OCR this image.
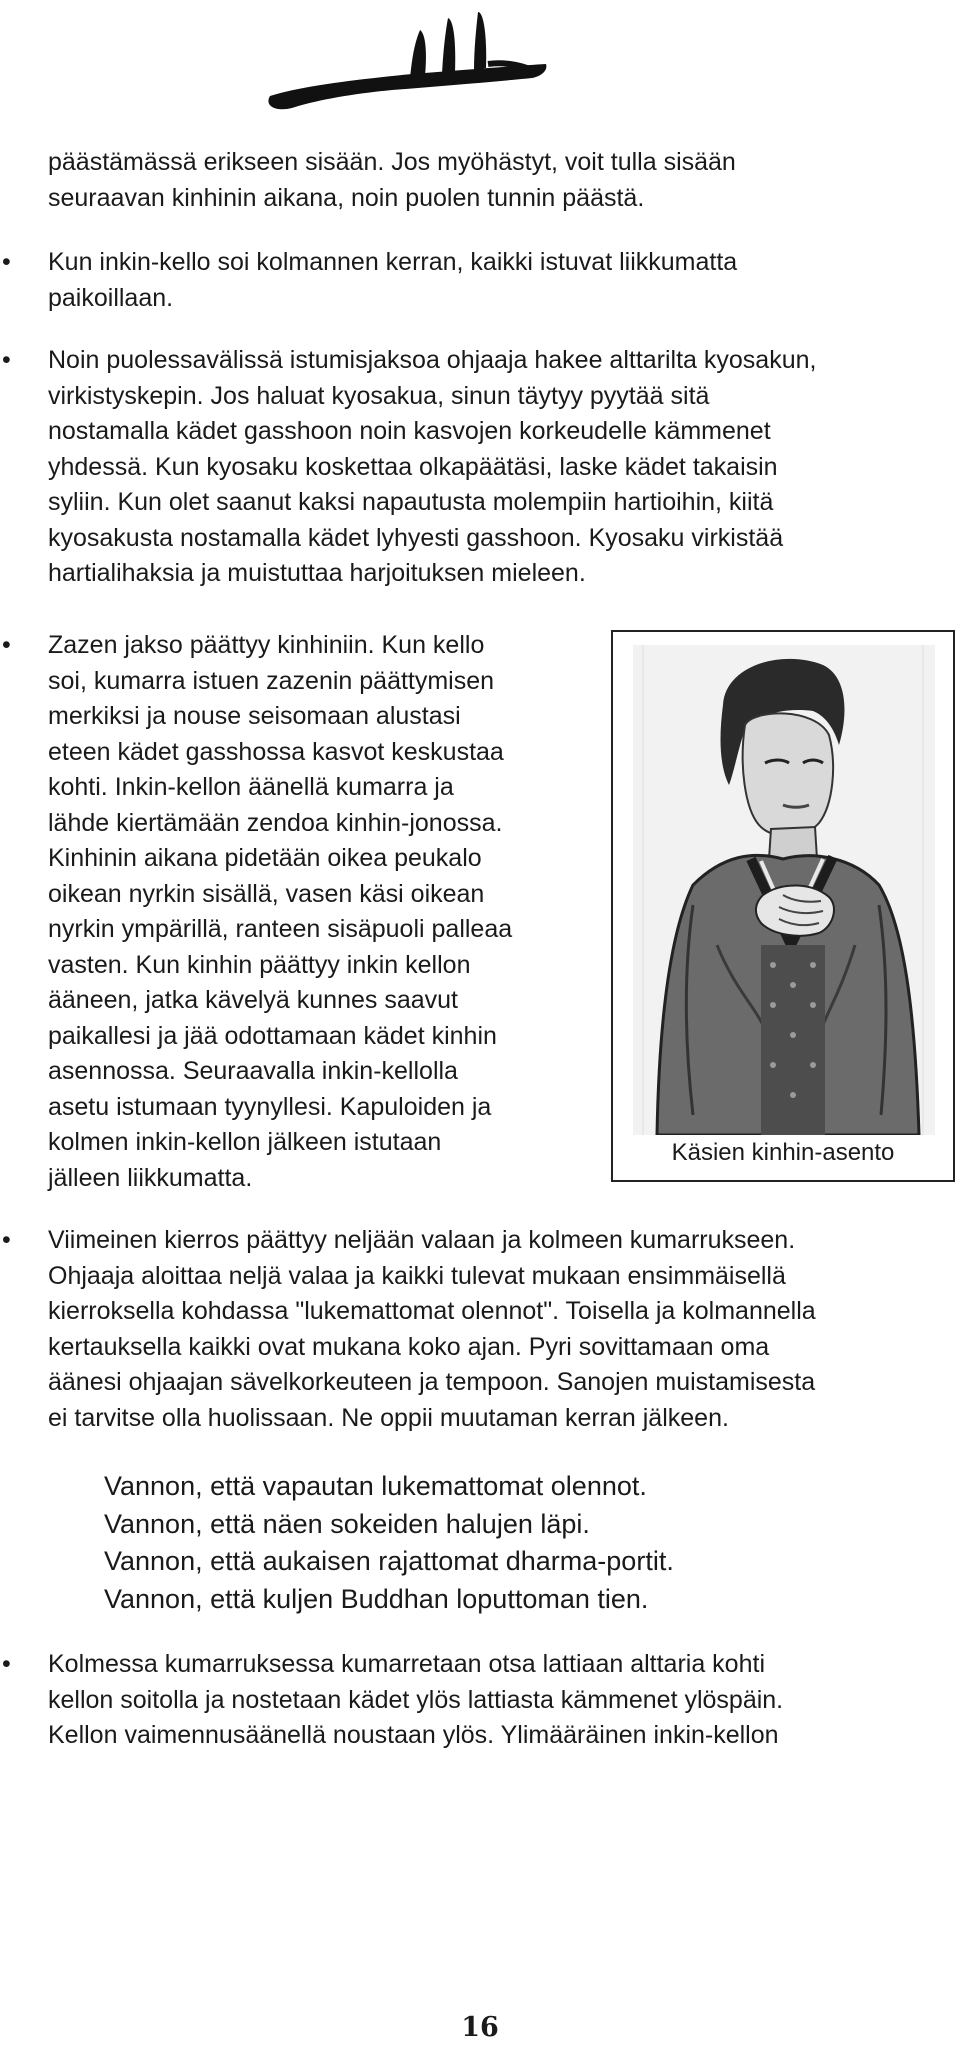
päästämässä erikseen sisään. Jos myöhästyt, voit tulla sisään
seuraavan kinhinin aikana, noin puolen tunnin päästä.

• Kun inkin-kello soi kolmannen kerran, kaikki istuvat liikkumatta
paikoillaan.

• Noin puolessavälissä istumisjaksoa ohjaaja hakee alttarilta kyosakun,
virkistyskepin. Jos haluat kyosakua, sinun täytyy pyytää sitä
nostamalla kädet gasshoon noin kasvojen korkeudelle kämmenet
yhdessä. Kun kyosaku koskettaa olkapäätäsi, laske kädet takaisin
syliin. Kun olet saanut kaksi napautusta molempiin hartioihin, kiitä
kyosakusta nostamalla kädet lyhyesti gasshoon. Kyosaku virkistää
hartialihaksia ja muistuttaa harjoituksen mieleen.

• Zazen jakso päättyy kinhiniin. Kun kello
soi, kumarra istuen zazenin päättymisen
merkiksi ja nouse seisomaan alustasi
eteen kädet gasshossa kasvot keskustaa
kohti. Inkin-kellon äänellä kumarra ja
lähde kiertämään zendoa kinhin-jonossa.
Kinhinin aikana pidetään oikea peukalo
oikean nyrkin sisällä, vasen käsi oikean
nyrkin ympärillä, ranteen sisäpuoli palleaa
vasten. Kun kinhin päättyy inkin kellon
ääneen, jatka kävelyä kunnes saavut
paikallesi ja jää odottamaan kädet kinhin
asennossa. Seuraavalla inkin-kellolla
asetu istumaan tyynyllesi. Kapuloiden ja
kolmen inkin-kellon jälkeen istutaan
jälleen liikkumatta.

Käsien kinhin-asento
• Viimeinen kierros päättyy neljään valaan ja kolmeen kumarrukseen.
Ohjaaja aloittaa neljä valaa ja kaikki tulevat mukaan ensimmäisellä
kierroksella kohdassa "lukemattomat olennot". Toisella ja kolmannella
kertauksella kaikki ovat mukana koko ajan. Pyri sovittamaan oma
äänesi ohjaajan sävelkorkeuteen ja tempoon. Sanojen muistamisesta
ei tarvitse olla huolissaan. Ne oppii muutaman kerran jälkeen.

Vannon, että vapautan lukemattomat olennot.
Vannon, että näen sokeiden halujen läpi.
Vannon, että aukaisen rajattomat dharma-portit.
Vannon, että kuljen Buddhan loputtoman tien.
• Kolmessa kumarruksessa kumarretaan otsa lattiaan alttaria kohti
kellon soitolla ja nostetaan kädet ylös lattiasta kämmenet ylöspäin.
Kellon vaimennusäänellä noustaan ylös. Ylimääräinen inkin-kellon

16
